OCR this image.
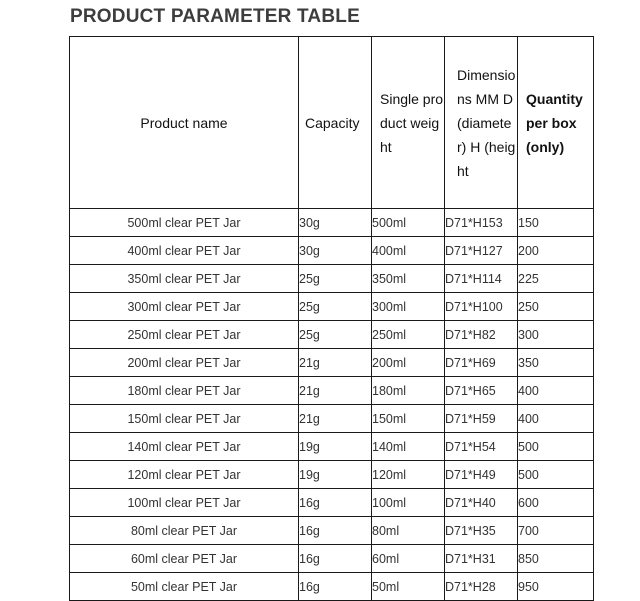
PRODUCT PARAMETER TABLE
Product name	Capacity	Single product weight	Dimensions MM D (diameter) H (height	Quantity per box (only)

500ml clear PET Jar	30g	500ml	D71*H153	150
400ml clear PET Jar	30g	400ml	D71*H127	200
350ml clear PET Jar	25g	350ml	D71*H114	225
300ml clear PET Jar	25g	300ml	D71*H100	250
250ml clear PET Jar	25g	250ml	D71*H82	300
200ml clear PET Jar	21g	200ml	D71*H69	350
180ml clear PET Jar	21g	180ml	D71*H65	400
150ml clear PET Jar	21g	150ml	D71*H59	400
140ml clear PET Jar	19g	140ml	D71*H54	500
120ml clear PET Jar	19g	120ml	D71*H49	500
100ml clear PET Jar	16g	100ml	D71*H40	600
80ml clear PET Jar	16g	80ml	D71*H35	700
60ml clear PET Jar	16g	60ml	D71*H31	850
50ml clear PET Jar	16g	50ml	D71*H28	950
